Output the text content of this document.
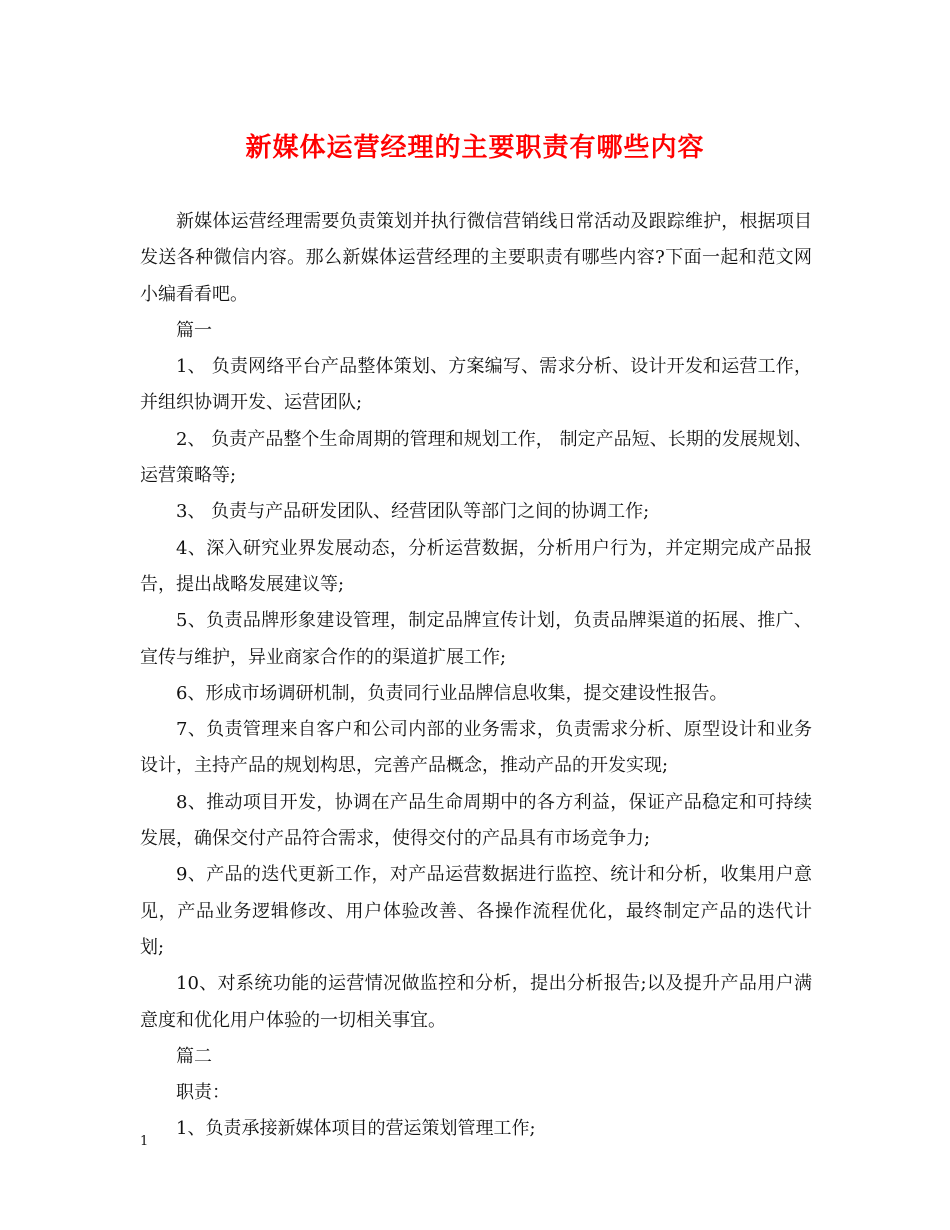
新媒体运营经理的主要职责有哪些内容

新媒体运营经理需要负责策划并执行微信营销线日常活动及跟踪维护，根据项目发送各种微信内容。那么新媒体运营经理的主要职责有哪些内容?下面一起和范文网小编看看吧。

篇一

1、 负责网络平台产品整体策划、方案编写、需求分析、设计开发和运营工作，并组织协调开发、运营团队;

2、 负责产品整个生命周期的管理和规划工作， 制定产品短、长期的发展规划、运营策略等;

3、 负责与产品研发团队、经营团队等部门之间的协调工作;

4、深入研究业界发展动态，分析运营数据，分析用户行为，并定期完成产品报告，提出战略发展建议等;

5、负责品牌形象建设管理，制定品牌宣传计划，负责品牌渠道的拓展、推广、宣传与维护，异业商家合作的的渠道扩展工作;

6、形成市场调研机制，负责同行业品牌信息收集，提交建设性报告。

7、负责管理来自客户和公司内部的业务需求，负责需求分析、原型设计和业务设计，主持产品的规划构思，完善产品概念，推动产品的开发实现;

8、推动项目开发，协调在产品生命周期中的各方利益，保证产品稳定和可持续发展，确保交付产品符合需求，使得交付的产品具有市场竞争力;

9、产品的迭代更新工作，对产品运营数据进行监控、统计和分析，收集用户意见，产品业务逻辑修改、用户体验改善、各操作流程优化，最终制定产品的迭代计划;

10、对系统功能的运营情况做监控和分析，提出分析报告;以及提升产品用户满意度和优化用户体验的一切相关事宜。

篇二

职责：

1、负责承接新媒体项目的营运策划管理工作;

1
